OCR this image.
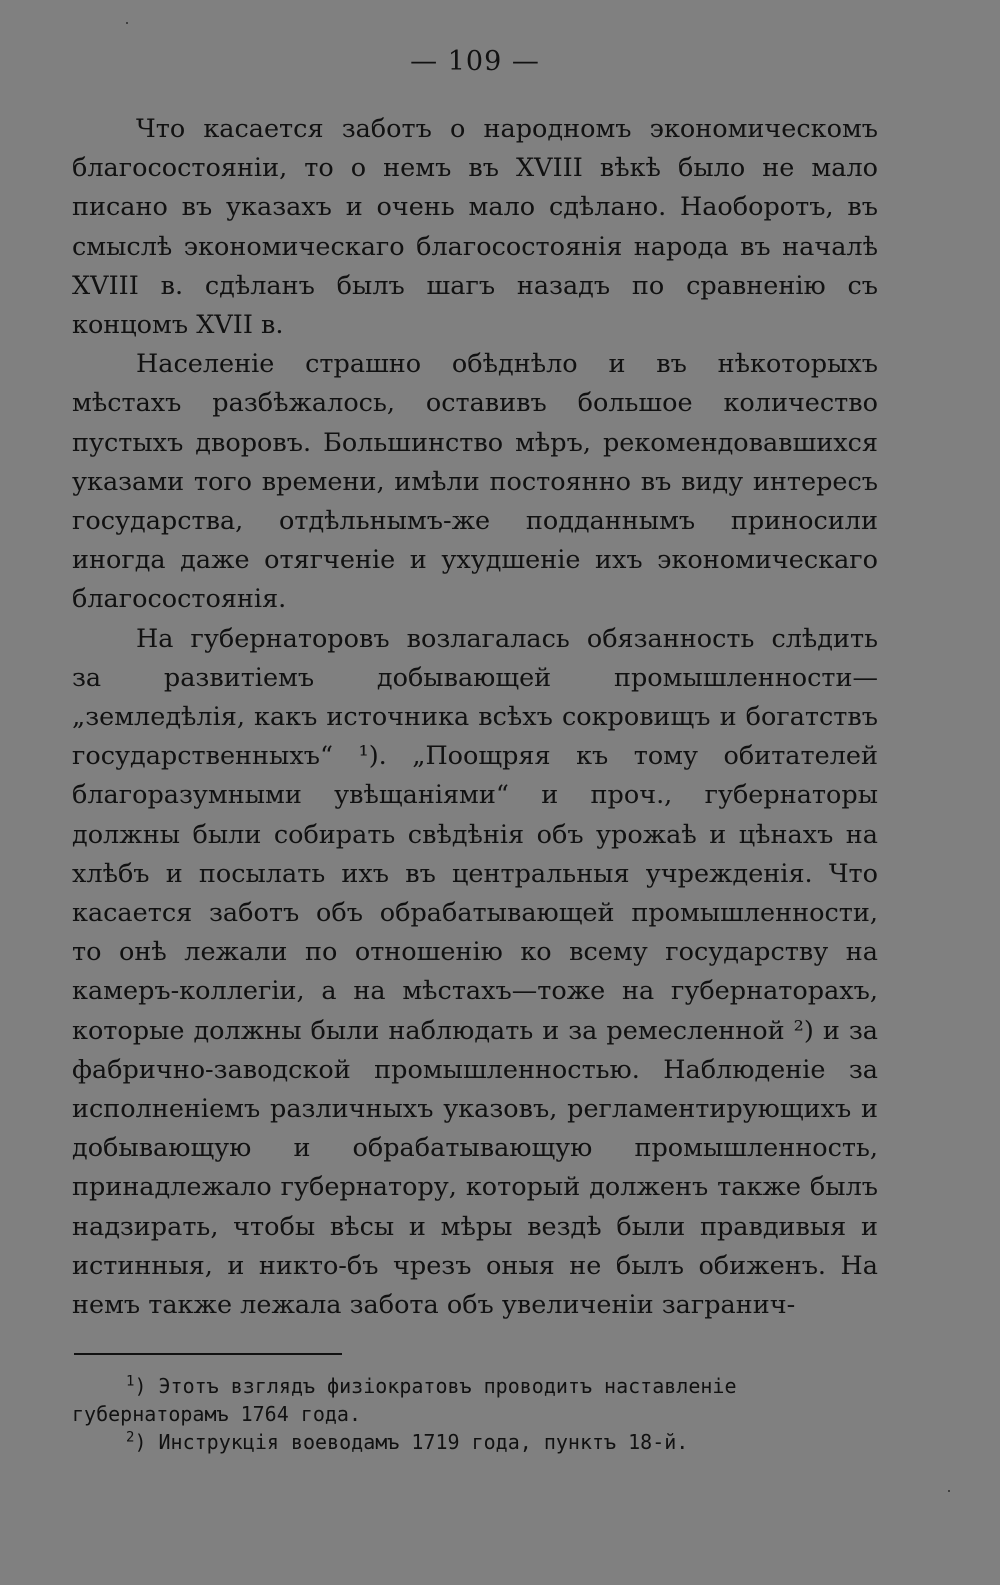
— 109 —

Что касается заботъ о народномъ экономическомъ благосостоянiи, то о немъ въ XVIII вѣкѣ было не мало писано въ указахъ и очень мало сдѣлано. Наоборотъ, въ смыслѣ экономическаго благосостоянія народа въ началѣ XVIII в. сдѣланъ былъ шагъ назадъ по сравненію съ концомъ XVII в.

Населеніе страшно обѣднѣло и въ нѣкоторыхъ мѣстахъ разбѣжалось, оставивъ большое количество пустыхъ дворовъ. Большинство мѣръ, рекомендовавшихся указами того времени, имѣли постоянно въ виду интересъ государства, отдѣльнымъ-же подданнымъ приносили иногда даже отягченіе и ухудшеніе ихъ экономическаго благосостоянія.

На губернаторовъ возлагалась обязанность слѣдить за развитіемъ добывающей промышленности—„земледѣлія, какъ источника всѣхъ сокровищъ и богатствъ государственныхъ“ ¹). „Поощряя къ тому обитателей благоразумными увѣщаніями“ и проч., губернаторы должны были собирать свѣдѣнія объ урожаѣ и цѣнахъ на хлѣбъ и посылать ихъ въ центральныя учрежденія. Что касается заботъ объ обрабатывающей промышленности, то онѣ лежали по отношенію ко всему государству на камеръ-коллегіи, а на мѣстахъ—тоже на губернаторахъ, которые должны были наблюдать и за ремесленной ²) и за фабрично-заводской промышленностью. Наблюденіе за исполненіемъ различныхъ указовъ, регламентирующихъ и добывающую и обрабатывающую промышленность, принадлежало губернатору, который долженъ также былъ надзирать, чтобы вѣсы и мѣры вездѣ были правдивыя и истинныя, и никто-бъ чрезъ оныя не былъ обиженъ. На немъ также лежала забота объ увеличеніи загранич-

$^1$) Этотъ взглядъ физіократовъ проводитъ наставленіе губернаторамъ 1764 года.

$^2$) Инструкція воеводамъ 1719 года, пунктъ 18-й.
